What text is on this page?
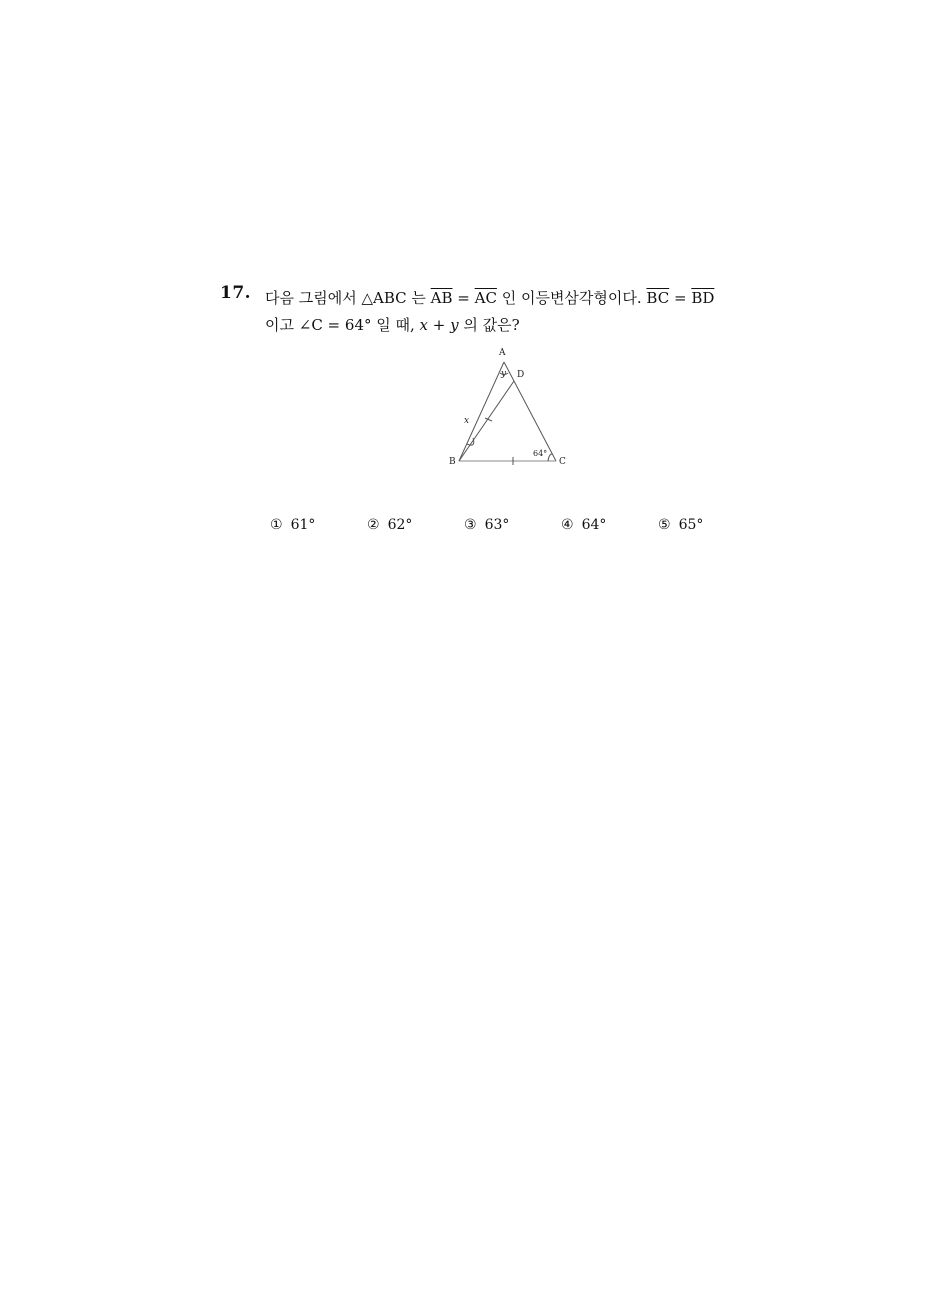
17. 다음 그림에서 △ABC 는 $\overline{AB} = \overline{AC}$ 인 이등변삼각형이다. $\overline{BC} = \overline{BD}$
이고 ∠C = 64° 일 때, x + y 의 값은?
A
D
B	C
x
y
64°
① 61°	② 62°	③ 63°	④ 64°	⑤ 65°
